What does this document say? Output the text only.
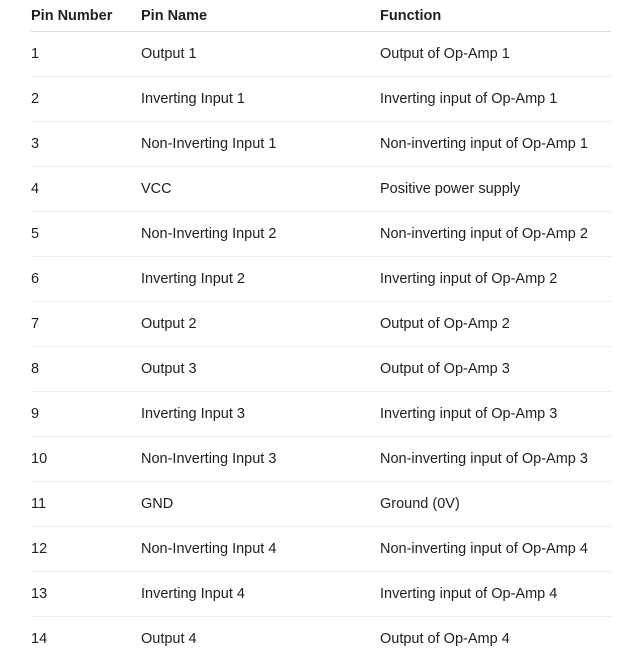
Pin Number	Pin Name	Function
1	Output 1	Output of Op-Amp 1
2	Inverting Input 1	Inverting input of Op-Amp 1
3	Non-Inverting Input 1	Non-inverting input of Op-Amp 1
4	VCC	Positive power supply
5	Non-Inverting Input 2	Non-inverting input of Op-Amp 2
6	Inverting Input 2	Inverting input of Op-Amp 2
7	Output 2	Output of Op-Amp 2
8	Output 3	Output of Op-Amp 3
9	Inverting Input 3	Inverting input of Op-Amp 3
10	Non-Inverting Input 3	Non-inverting input of Op-Amp 3
11	GND	Ground (0V)
12	Non-Inverting Input 4	Non-inverting input of Op-Amp 4
13	Inverting Input 4	Inverting input of Op-Amp 4
14	Output 4	Output of Op-Amp 4
